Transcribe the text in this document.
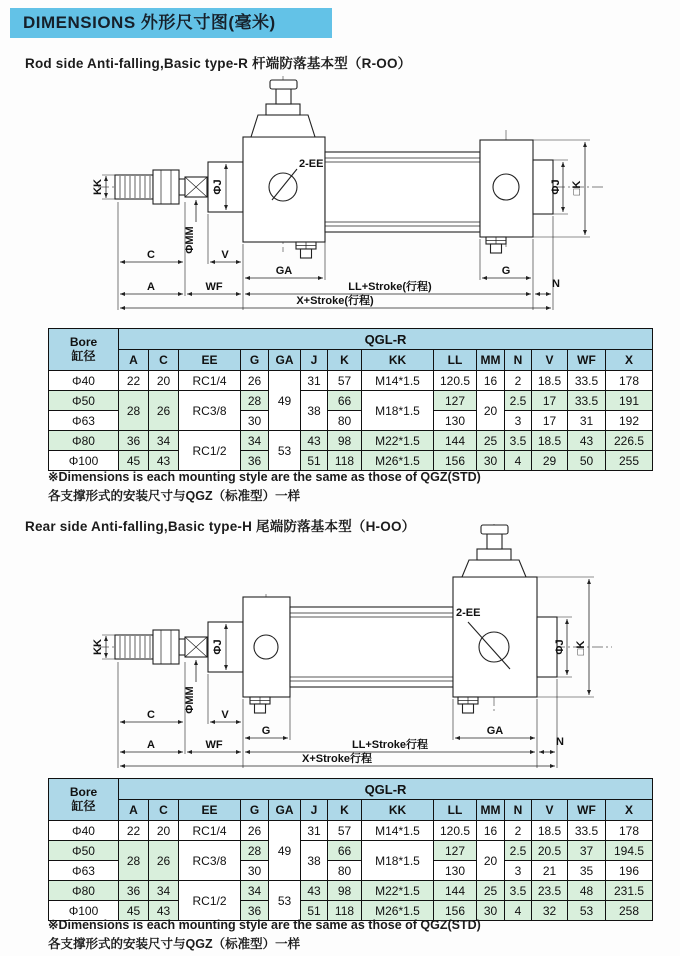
DIMENSIONS 外形尺寸图(毫米)
Rod side Anti-falling,Basic type-R 杆端防落基本型（R-OO）
KK
ΦMM
ΦJ
2-EE
ΦJ □K
C	V
GA	G
A	WF	LL+Stroke(行程)	N
X+Stroke(行程)
Bore
缸径	QGL-R													
	A	C	EE	G	GA	J	K	KK	LL	MM	N	V	WF	X
Φ40	22	20	RC1/4	26	49	31	57	M14*1.5	120.5	16	2	18.5	33.5	178
Φ50	28	26	RC3/8	28		38	66	M18*1.5	127	20	2.5	17	33.5	191
Φ63				30			80		130		3	17	31	192
Φ80	36	34	RC1/2	34	53	43	98	M22*1.5	144	25	3.5	18.5	43	226.5
Φ100	45	43		36		51	118	M26*1.5	156	30	4	29	50	255
※Dimensions is each mounting style are the same as those of QGZ(STD)
各支撑形式的安装尺寸与QGZ（标准型）一样
Rear side Anti-falling,Basic type-H 尾端防落基本型（H-OO）
KK
ΦMM
ΦJ
2-EE
ΦJ □K
C	V
G	GA
A	WF	LL+Stroke行程	N
X+Stroke行程
Bore
缸径	QGL-R													
	A	C	EE	G	GA	J	K	KK	LL	MM	N	V	WF	X
Φ40	22	20	RC1/4	26	49	31	57	M14*1.5	120.5	16	2	18.5	33.5	178
Φ50	28	26	RC3/8	28		38	66	M18*1.5	127	20	2.5	20.5	37	194.5
Φ63				30			80		130		3	21	35	196
Φ80	36	34	RC1/2	34	53	43	98	M22*1.5	144	25	3.5	23.5	48	231.5
Φ100	45	43		36		51	118	M26*1.5	156	30	4	32	53	258
※Dimensions is each mounting style are the same as those of QGZ(STD)
各支撑形式的安装尺寸与QGZ（标准型）一样
